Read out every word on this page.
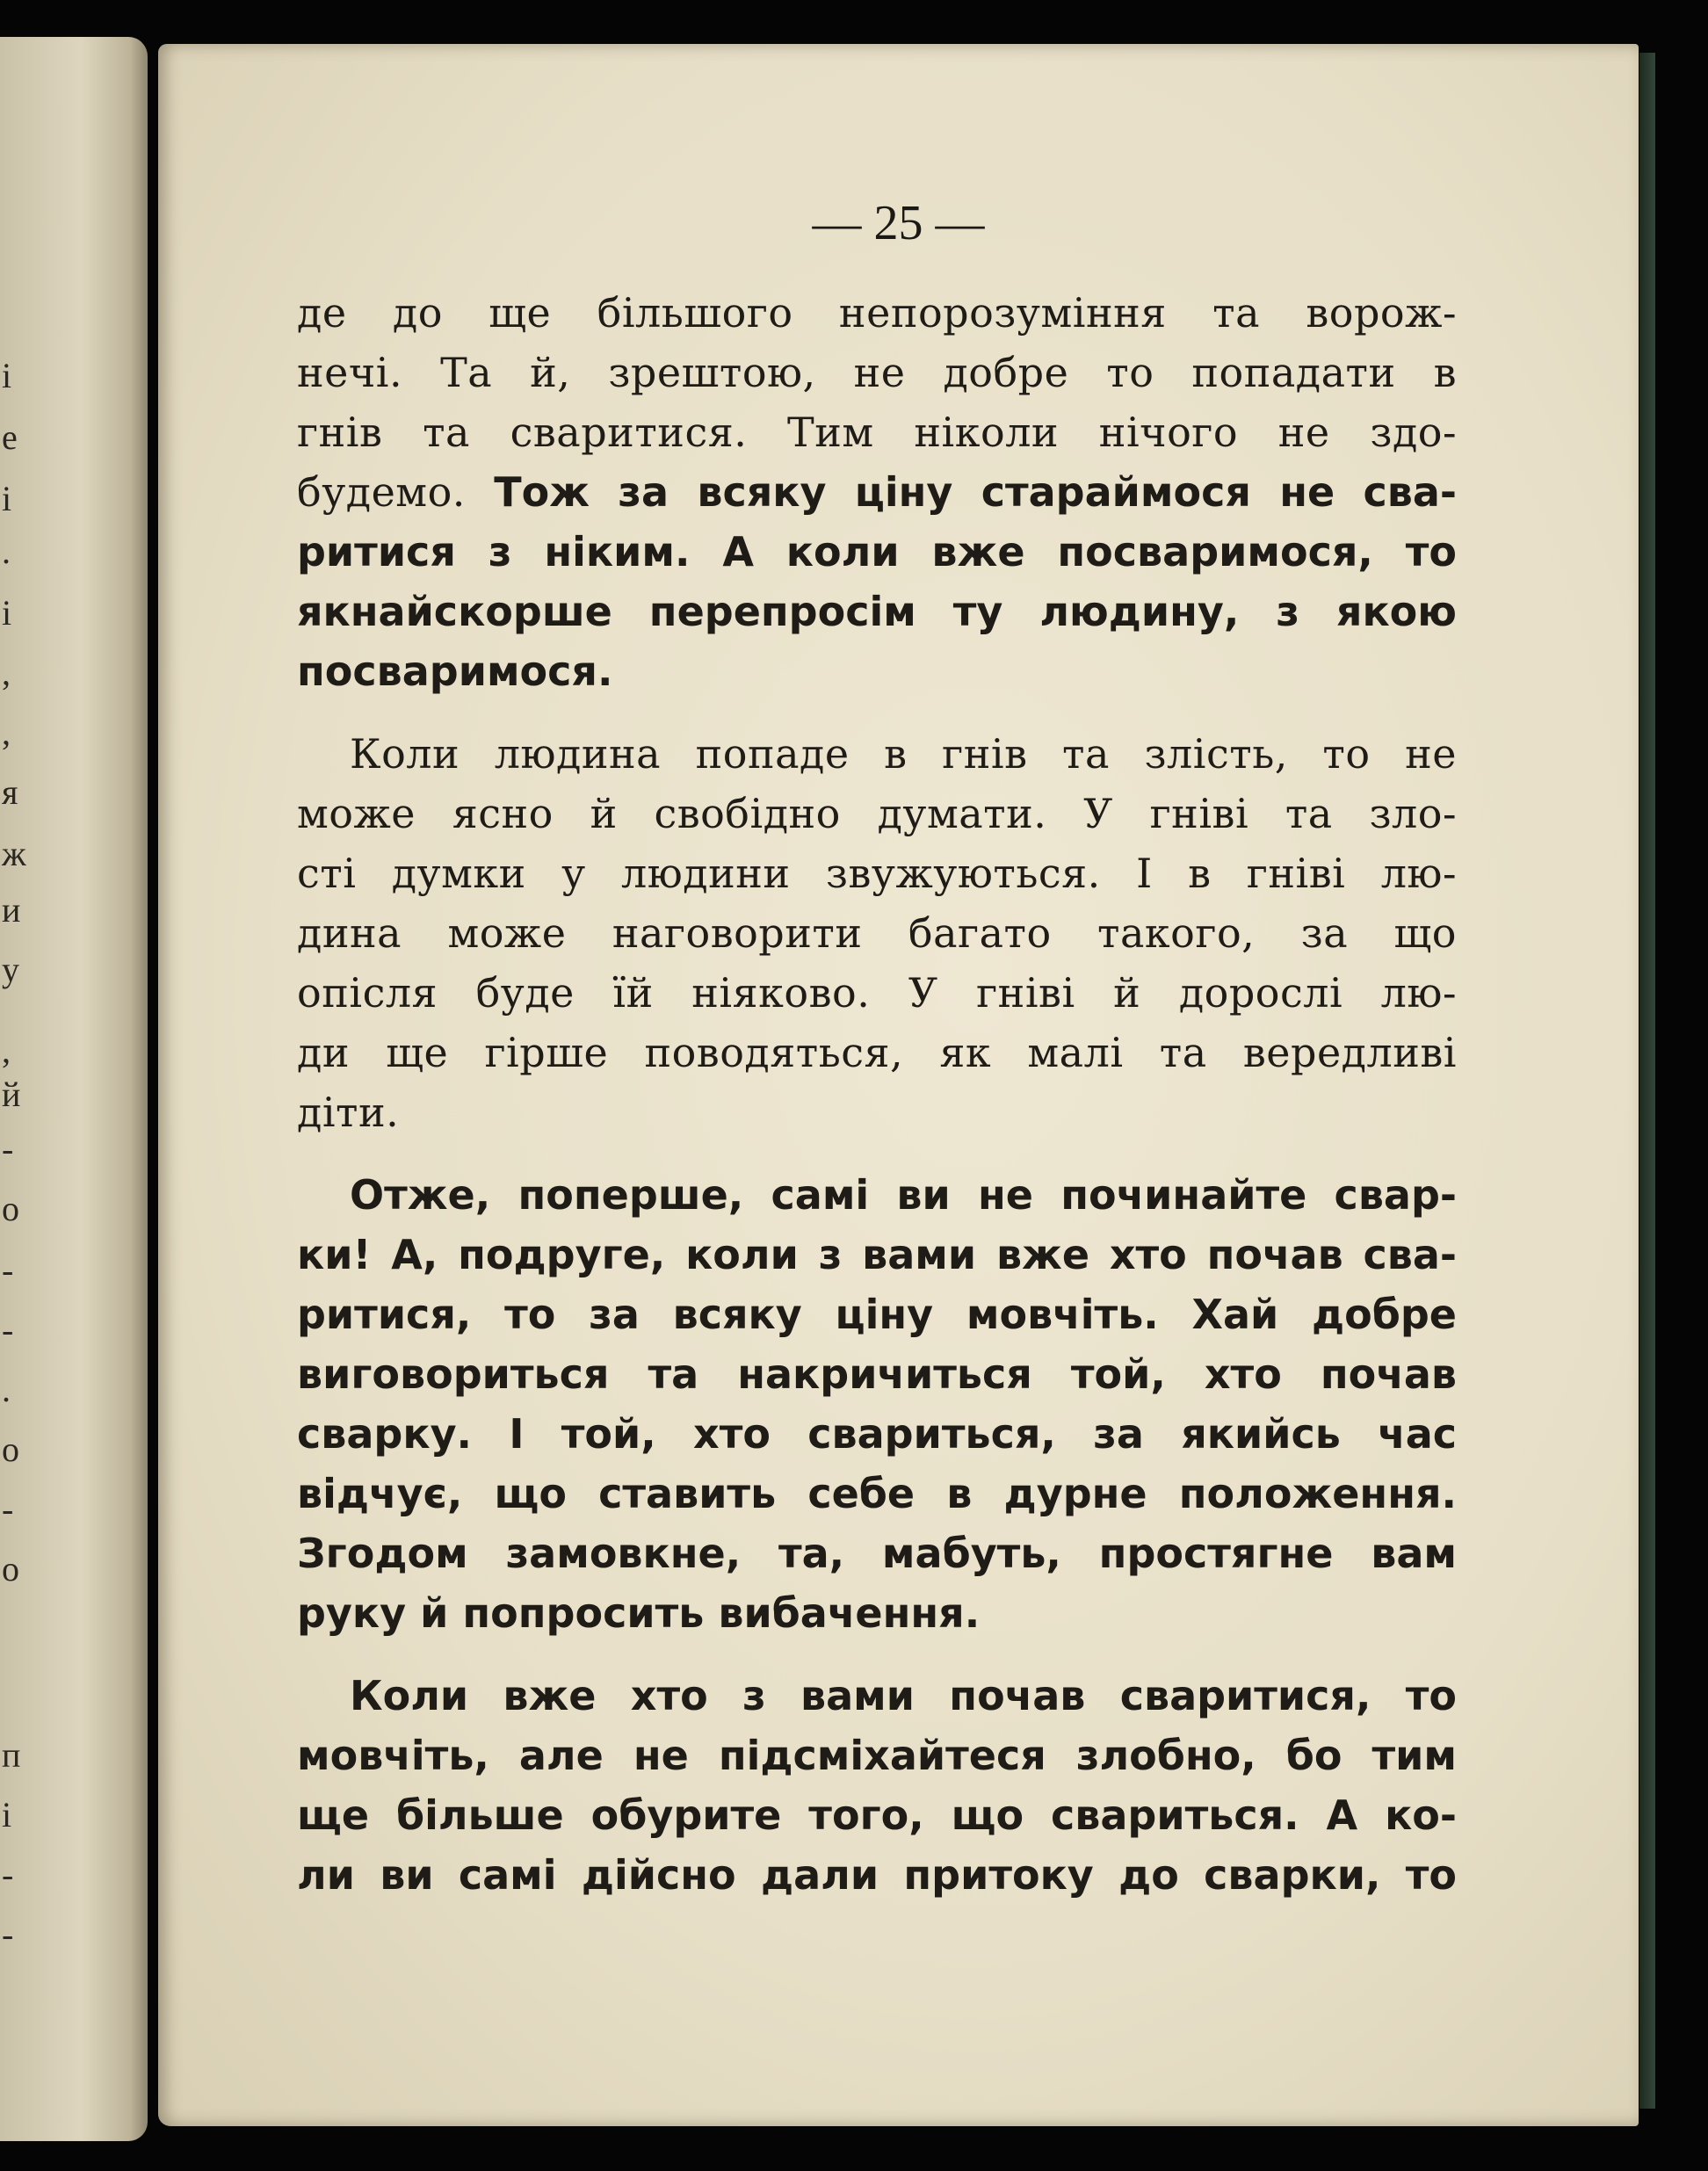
і
е
і
.
і
,
,
я
ж
и
у
,
й
-
о
-
-
.
о
-
о
п
і
-
-
— 25 —
де до ще більшого непорозуміння та ворож-
нечі. Та й, зрештою, не добре то попадати в
гнів та сваритися. Тим ніколи нічого не здо-
будемо. Тож за всяку ціну стараймося не сва-
ритися з ніким. А коли вже посваримося, то
якнайскорше перепросім ту людину, з якою
посваримося.
Коли людина попаде в гнів та злість, то не
може ясно й свобідно думати. У гніві та зло-
сті думки у людини звужуються. І в гніві лю-
дина може наговорити багато такого, за що
опісля буде їй ніяково. У гніві й дорослі лю-
ди ще гірше поводяться, як малі та вередливі
діти.
Отже, поперше, самі ви не починайте свар-
ки! А, подруге, коли з вами вже хто почав сва-
ритися, то за всяку ціну мовчіть. Хай добре
виговориться та накричиться той, хто почав
сварку. І той, хто свариться, за якийсь час
відчує, що ставить себе в дурне положення.
Згодом замовкне, та, мабуть, простягне вам
руку й попросить вибачення.
Коли вже хто з вами почав сваритися, то
мовчіть, але не підсміхайтеся злобно, бо тим
ще більше обурите того, що свариться. А ко-
ли ви самі дійсно дали притоку до сварки, то
